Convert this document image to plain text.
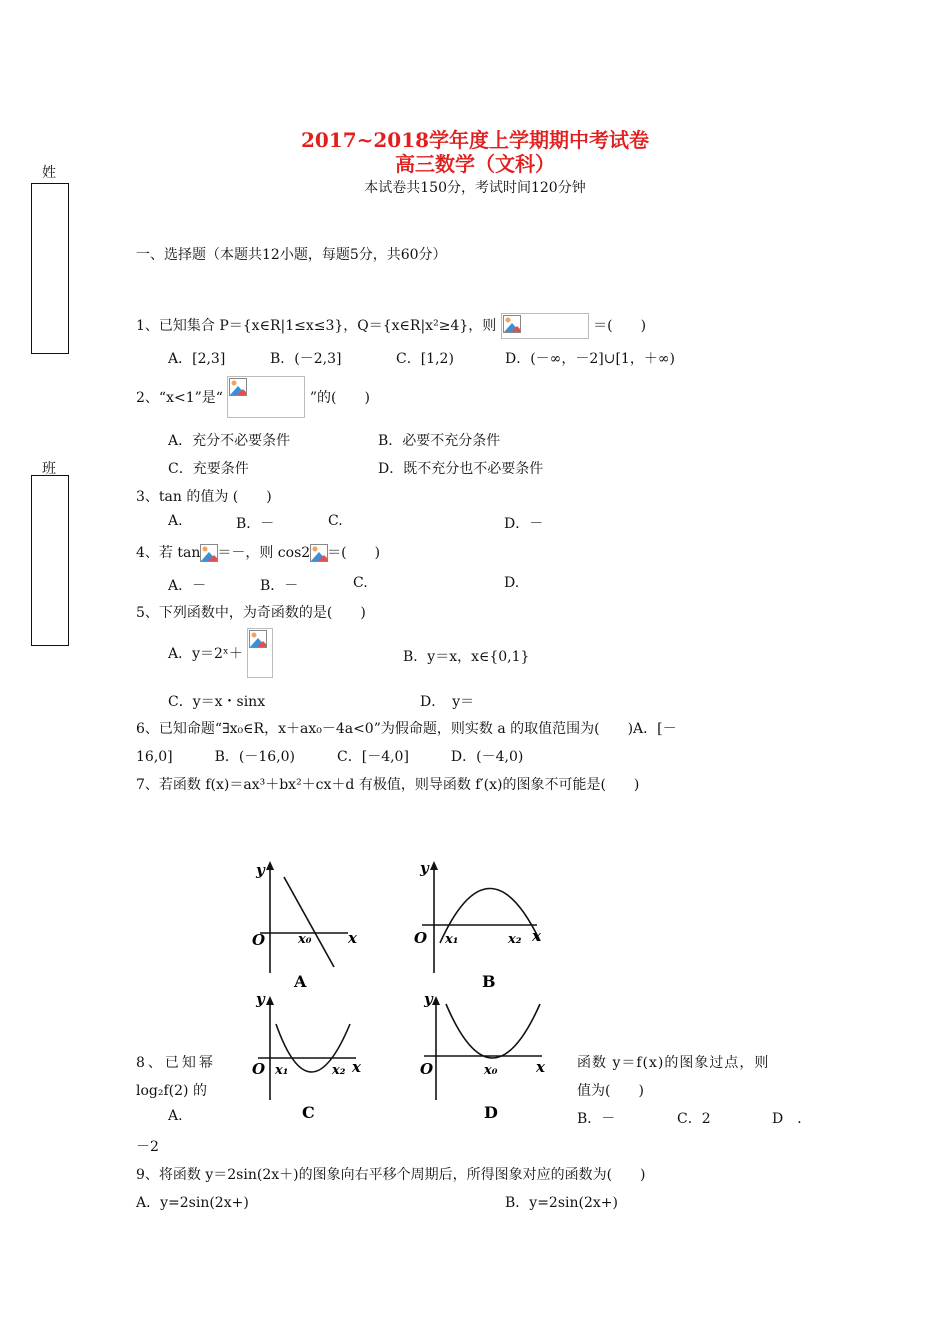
2017~2018学年度上学期期中考试卷
高三数学（文科）
本试卷共150分，考试时间120分钟
姓
班
一、选择题（本题共12小题，每题5分，共60分）
1、已知集合 P＝{x∈R|1≤x≤3}，Q＝{x∈R|x²≥4}，则	＝(　　)
A．[2,3]	B．(－2,3]	C．[1,2)	D．(－∞，－2]∪[1，＋∞)
2、“x<1”是“	”的(　　)
A．充分不必要条件	B．必要不充分条件
C．充要条件	D．既不充分也不必要条件
3、tan 的值为 (　　)
A.	B．－	C.	D．－
4、若 tan ＝－，则 cos2 ＝(　　)
A．－	B．－	C.	D.
5、下列函数中，为奇函数的是(　　)
A．y＝2ˣ＋	B．y＝x，x∈{0,1}
C．y＝x・sinx	D．　y＝
6、已知命题“∃x₀∈R，x＋ax₀－4a<0”为假命题，则实数 a 的取值范围为(　　)A．[－
16,0]　　　B．(－16,0)　　　C．[－4,0]　　　D．(－4,0)
7、若函数 f(x)＝ax³＋bx²＋cx＋d 有极值，则导函数 f′(x)的图象不可能是(　　)
y
O	x₀ x
A
y
O x₁	x₂ x
B
y
O x₁	x₂ x
C
y
O	x₀	x
D
8、已知幂
log₂f(2) 的
A.
函数 y＝f(x)的图象过点，则
值为(　　)
B．－	C．2	D　．
－2
9、将函数 y＝2sin(2x＋)的图象向右平移个周期后，所得图象对应的函数为(　　)
A．y=2sin(2x+)	B．y=2sin(2x+)
